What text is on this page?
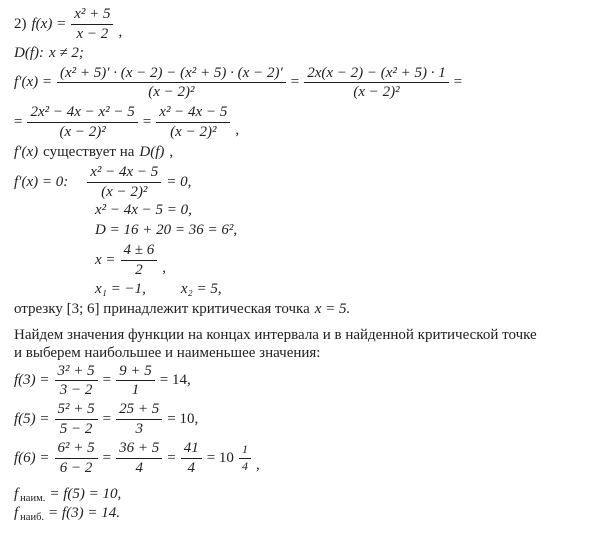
2) $f(x) = \frac{\text{x² + 5}}{x - 2}$ ,
D(f): x ≠ 2;
$f'(x) = \frac{\text{(x² + 5)′ · (x − 2) − (x² + 5) · (x − 2)′}}{\text{(x − 2)²}} = \frac{\text{2x(x − 2) − (x² + 5) · 1}}{\text{(x − 2)²}}$ =
= $\frac{\text{2x² − 4x − x² − 5}}{\text{(x − 2)²}} = \frac{\text{x² − 4x − 5}}{\text{(x − 2)²}}$ ,
f′(x) существует на D(f) ,
f′(x) = 0: $\frac{\text{x² − 4x − 5}}{\text{(x − 2)²}} = 0$,
x² − 4x − 5 = 0,
D = 16 + 20 = 36 = 6²,
$x = \frac{4 \pm 6}{2}$ ,
x₁ = −1, x₂ = 5,
отрезку [3; 6] принадлежит критическая точка x = 5.
Найдем значения функции на концах интервала и в найденной критической точке
и выберем наибольшее и наименьшее значения:
$f(3) = \frac{\text{3² + 5}}{3 - 2} = \frac{9 + 5}{1} = 14$,
$f(5) = \frac{\text{5² + 5}}{5 - 2} = \frac{25 + 5}{3} = 10$,
$f(6) = \frac{\text{6² + 5}}{6 - 2} = \frac{36 + 5}{4} = \frac{41}{4} = 10 \frac{1}{4}$ ,
f наим. = f(5) = 10,
f наиб. = f(3) = 14.
